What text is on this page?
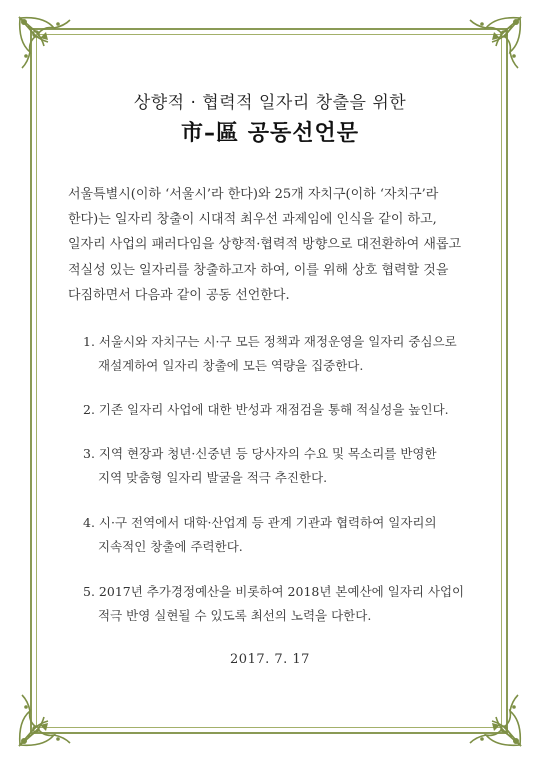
상향적 · 협력적 일자리 창출을 위한
市–區 공동선언문
서울특별시(이하 ‘서울시’라 한다)와 25개 자치구(이하 ‘자치구’라
한다)는 일자리 창출이 시대적 최우선 과제임에 인식을 같이 하고,
일자리 사업의 패러다임을 상향적·협력적 방향으로 대전환하여 새롭고
적실성 있는 일자리를 창출하고자 하여, 이를 위해 상호 협력할 것을
다짐하면서 다음과 같이 공동 선언한다.
1. 서울시와 자치구는 시·구 모든 정책과 재정운영을 일자리 중심으로
재설계하여 일자리 창출에 모든 역량을 집중한다.
2. 기존 일자리 사업에 대한 반성과 재점검을 통해 적실성을 높인다.
3. 지역 현장과 청년·신중년 등 당사자의 수요 및 목소리를 반영한
지역 맞춤형 일자리 발굴을 적극 추진한다.
4. 시·구 전역에서 대학·산업계 등 관계 기관과 협력하여 일자리의
지속적인 창출에 주력한다.
5. 2017년 추가경정예산을 비롯하여 2018년 본예산에 일자리 사업이
적극 반영 실현될 수 있도록 최선의 노력을 다한다.
2017. 7. 17
